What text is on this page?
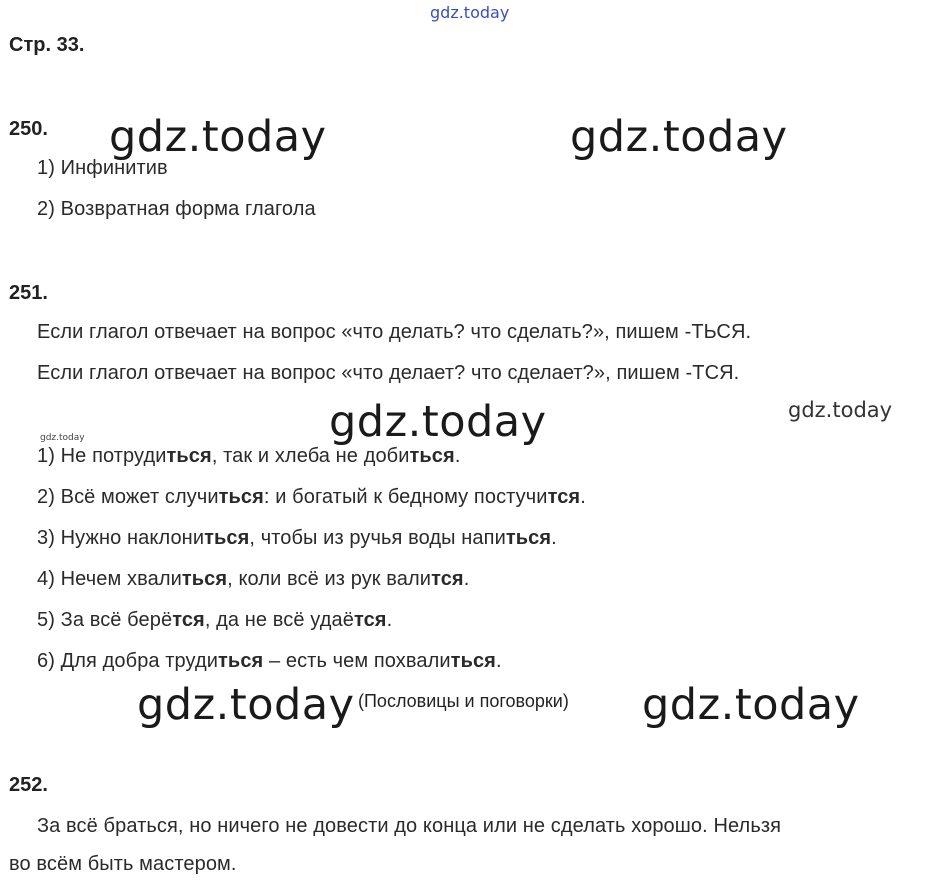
gdz.today
Стр. 33.
250. gdz.today	gdz.today
1) Инфинитив
2) Возвратная форма глагола
251.
Если глагол отвечает на вопрос «что делать? что сделать?», пишем -ТЬСЯ.
Если глагол отвечает на вопрос «что делает? что сделает?», пишем -ТСЯ.
gdz.today	gdz.today
gdz.today
1) Не потрудиться, так и хлеба не добиться.
2) Всё может случиться: и богатый к бедному постучится.
3) Нужно наклониться, чтобы из ручья воды напиться.
4) Нечем хвалиться, коли всё из рук валится.
5) За всё берётся, да не всё удаётся.
6) Для добра трудиться – есть чем похвалиться.
gdz.today (Пословицы и поговорки) gdz.today
252.
За всё браться, но ничего не довести до конца или не сделать хорошо. Нельзя
во всём быть мастером.
